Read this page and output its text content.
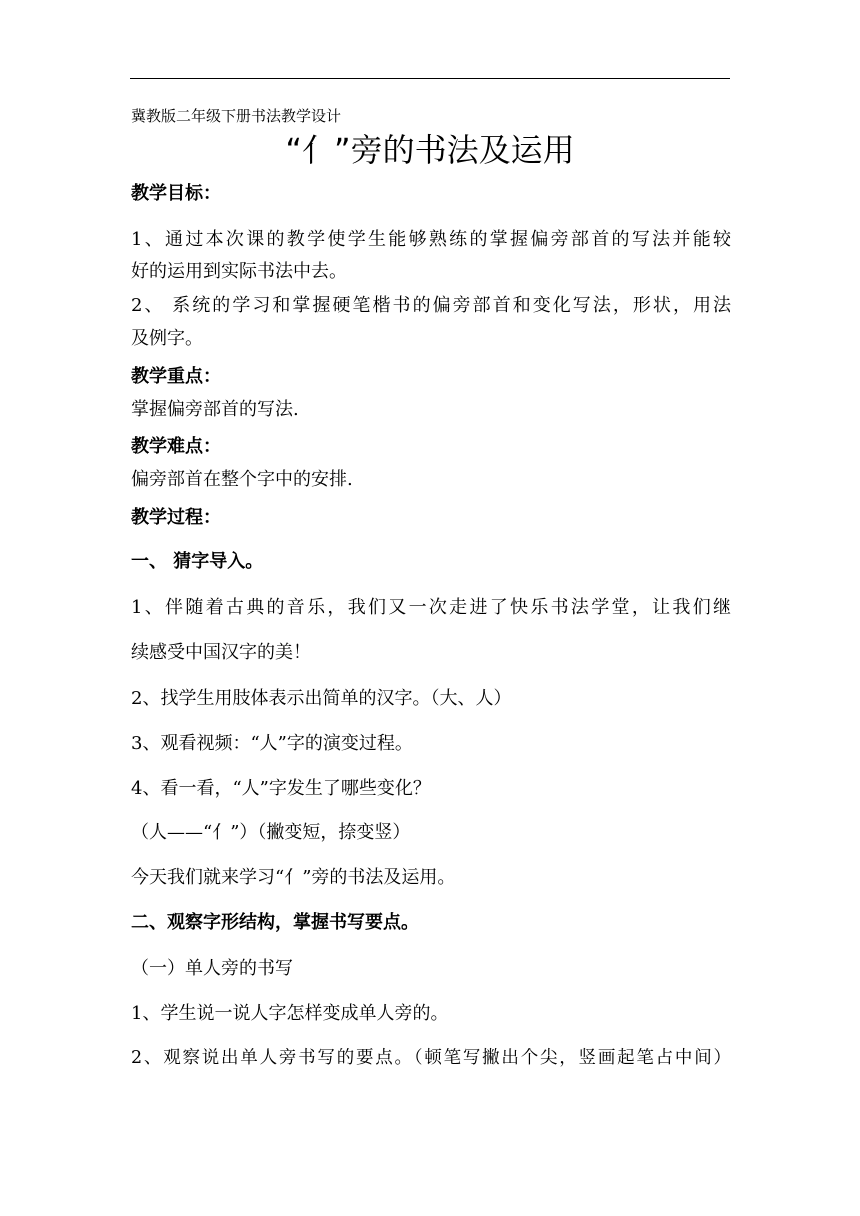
冀教版二年级下册书法教学设计
“亻”旁的书法及运用
教学目标：
1、通过本次课的教学使学生能够熟练的掌握偏旁部首的写法并能较
好的运用到实际书法中去。
2、 系统的学习和掌握硬笔楷书的偏旁部首和变化写法，形状，用法
及例字。
教学重点：
掌握偏旁部首的写法.
教学难点：
偏旁部首在整个字中的安排.
教学过程：
一、 猜字导入。
1、伴随着古典的音乐，我们又一次走进了快乐书法学堂，让我们继
续感受中国汉字的美！
2、找学生用肢体表示出简单的汉字。（大、人）
3、观看视频：“人”字的演变过程。
4、看一看，“人”字发生了哪些变化？
（人——“亻”）（撇变短，捺变竖）
今天我们就来学习“亻”旁的书法及运用。
二、观察字形结构，掌握书写要点。
（一）单人旁的书写
1、学生说一说人字怎样变成单人旁的。
2、观察说出单人旁书写的要点。（顿笔写撇出个尖，竖画起笔占中间）
